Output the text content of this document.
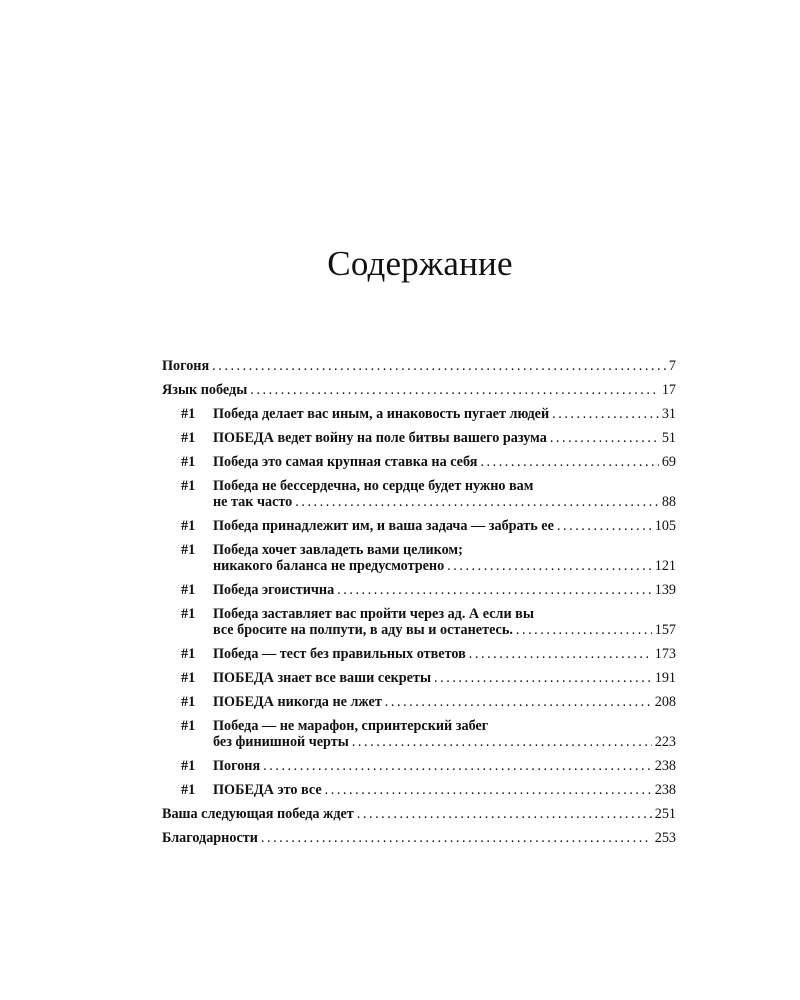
Содержание
Погоня . . .	7
Язык победы . . .	17
#1 Победа делает вас иным, а инаковость пугает людей . . .	31
#1 ПОБЕДА ведет войну на поле битвы вашего разума . . .	51
#1 Победа это самая крупная ставка на себя . . .	69
#1 Победа не бессердечна, но сердце будет нужно вам
не так часто . . .	88
#1 Победа принадлежит им, и ваша задача — забрать ее . . .	105
#1 Победа хочет завладеть вами целиком;
никакого баланса не предусмотрено . . .	121
#1 Победа эгоистична . . .	139
#1 Победа заставляет вас пройти через ад. А если вы
все бросите на полпути, в аду вы и останетесь. . . .	157
#1 Победа — тест без правильных ответов . . .	173
#1 ПОБЕДА знает все ваши секреты . . .	191
#1 ПОБЕДА никогда не лжет . . .	208
#1 Победа — не марафон, спринтерский забег
без финишной черты . . .	223
#1 Погоня . . .	238
#1 ПОБЕДА это все . . .	238
Ваша следующая победа ждет . . .	251
Благодарности . . .	253
